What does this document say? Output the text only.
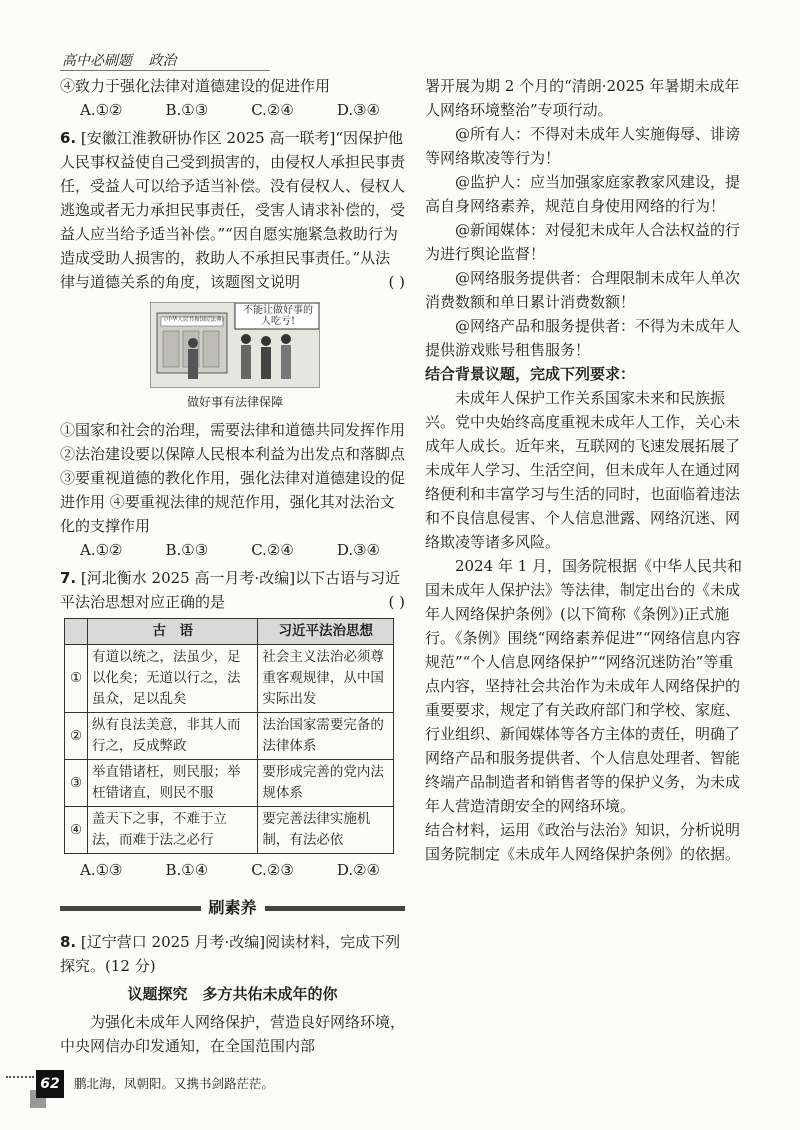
高中必刷题 政治

④致力于强化法律对道德建设的促进作用

A.①②	B.①③	C.②④	D.③④

6. [安徽江淮教研协作区 2025 高一联考]“因保护他人民事权益使自己受到损害的，由侵权人承担民事责任，受益人可以给予适当补偿。没有侵权人、侵权人逃逸或者无力承担民事责任，受害人请求补偿的，受益人应当给予适当补偿。”“因自愿实施紧急救助行为造成受助人损害的，救助人不承担民事责任。”从法律与道德关系的角度，该题图文说明	( )

《中华人民共和国民法典》
不能让做好事的人吃亏!
做好事有法律保障

①国家和社会的治理，需要法律和道德共同发挥作用 ②法治建设要以保障人民根本利益为出发点和落脚点 ③要重视道德的教化作用，强化法律对道德建设的促进作用 ④要重视法律的规范作用，强化其对法治文化的支撑作用

A.①②	B.①③	C.②④	D.③④

7. [河北衡水 2025 高一月考·改编]以下古语与习近平法治思想对应正确的是	( )

	古　语	习近平法治思想
①	有道以统之，法虽少，足以化矣；无道以行之，法虽众，足以乱矣	社会主义法治必须尊重客观规律，从中国实际出发
②	纵有良法美意，非其人而行之，反成弊政	法治国家需要完备的法律体系
③	举直错诸枉，则民服；举枉错诸直，则民不服	要形成完善的党内法规体系
④	盖天下之事，不难于立法，而难于法之必行	要完善法律实施机制，有法必依
A.①③	B.①④	C.②③	D.②④
刷素养

8. [辽宁营口 2025 月考·改编]阅读材料，完成下列探究。(12 分)

议题探究　多方共佑未成年的你

为强化未成年人网络保护，营造良好网络环境，中央网信办印发通知，在全国范围内部

署开展为期 2 个月的“清朗·2025 年暑期未成年人网络环境整治”专项行动。

@所有人：不得对未成年人实施侮辱、诽谤等网络欺凌等行为！

@监护人：应当加强家庭家教家风建设，提高自身网络素养，规范自身使用网络的行为！

@新闻媒体：对侵犯未成年人合法权益的行为进行舆论监督！

@网络服务提供者：合理限制未成年人单次消费数额和单日累计消费数额！

@网络产品和服务提供者：不得为未成年人提供游戏账号租售服务！

结合背景议题，完成下列要求：

未成年人保护工作关系国家未来和民族振兴。党中央始终高度重视未成年人工作，关心未成年人成长。近年来，互联网的飞速发展拓展了未成年人学习、生活空间，但未成年人在通过网络便利和丰富学习与生活的同时，也面临着违法和不良信息侵害、个人信息泄露、网络沉迷、网络欺凌等诸多风险。

2024 年 1 月，国务院根据《中华人民共和国未成年人保护法》等法律，制定出台的《未成年人网络保护条例》(以下简称《条例》)正式施行。《条例》围绕“网络素养促进”“网络信息内容规范”“个人信息网络保护”“网络沉迷防治”等重点内容，坚持社会共治作为未成年人网络保护的重要要求，规定了有关政府部门和学校、家庭、行业组织、新闻媒体等各方主体的责任，明确了网络产品和服务提供者、个人信息处理者、智能终端产品制造者和销售者等的保护义务，为未成年人营造清朗安全的网络环境。

结合材料，运用《政治与法治》知识，分析说明国务院制定《未成年人网络保护条例》的依据。

62	鹏北海，凤朝阳。又携书剑路茫茫。
